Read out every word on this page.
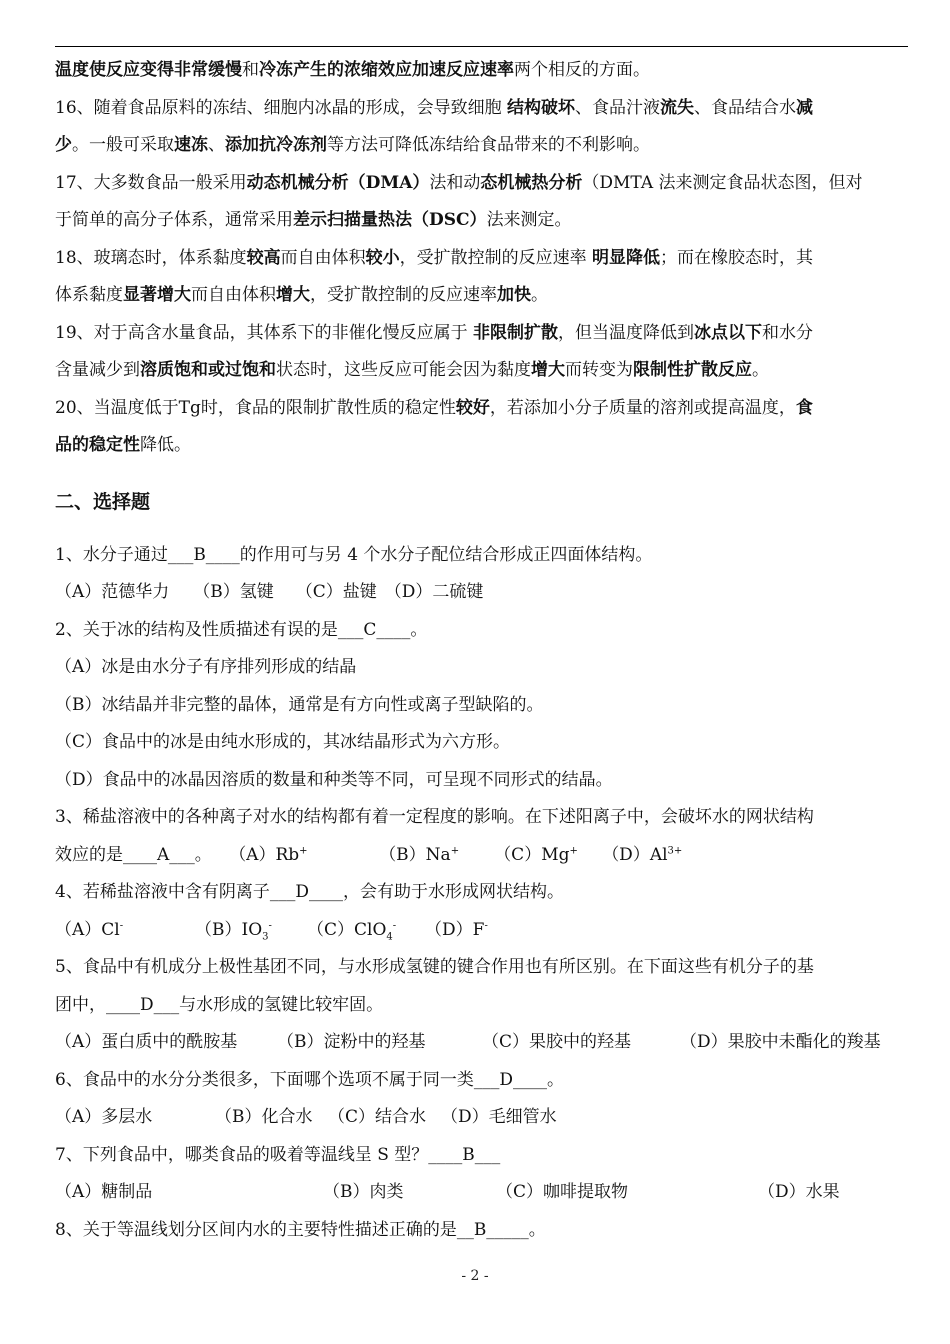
温度使反应变得非常缓慢和冷冻产生的浓缩效应加速反应速率两个相反的方面。
16、随着食品原料的冻结、细胞内冰晶的形成，会导致细胞 结构破坏、食品汁液流失、食品结合水减
少。一般可采取速冻、添加抗冷冻剂等方法可降低冻结给食品带来的不利影响。
17、大多数食品一般采用动态机械分析（DMA）法和动态机械热分析（DMTA 法来测定食品状态图，但对
于简单的高分子体系，通常采用差示扫描量热法（DSC）法来测定。
18、玻璃态时，体系黏度较高而自由体积较小，受扩散控制的反应速率 明显降低；而在橡胶态时，其
体系黏度显著增大而自由体积增大，受扩散控制的反应速率加快。
19、对于高含水量食品，其体系下的非催化慢反应属于 非限制扩散，但当温度降低到冰点以下和水分
含量减少到溶质饱和或过饱和状态时，这些反应可能会因为黏度增大而转变为限制性扩散反应。
20、当温度低于Tg时，食品的限制扩散性质的稳定性较好，若添加小分子质量的溶剂或提高温度，食
品的稳定性降低。
二、选择题
1、水分子通过___B____的作用可与另 4 个水分子配位结合形成正四面体结构。
（A）范德华力 （B）氢键 （C）盐键 （D）二硫键
2、关于冰的结构及性质描述有误的是___C____。
（A）冰是由水分子有序排列形成的结晶
（B）冰结晶并非完整的晶体，通常是有方向性或离子型缺陷的。
（C）食品中的冰是由纯水形成的，其冰结晶形式为六方形。
（D）食品中的冰晶因溶质的数量和种类等不同，可呈现不同形式的结晶。
3、稀盐溶液中的各种离子对水的结构都有着一定程度的影响。在下述阳离子中，会破坏水的网状结构
效应的是____A___。 （A）Rb+	（B）Na+ （C）Mg+ $(D)Al^{3+}$
4、若稀盐溶液中含有阴离子___D____，会有助于水形成网状结构。
（A）Cl-	$(B)IO_3^-$ （C）ClO$_4$- （D）F-
5、食品中有机成分上极性基团不同，与水形成氢键的键合作用也有所区别。在下面这些有机分子的基
团中，____D___与水形成的氢键比较牢固。
（A）蛋白质中的酰胺基 （B）淀粉中的羟基	（C）果胶中的羟基	（D）果胶中未酯化的羧基
6、食品中的水分分类很多，下面哪个选项不属于同一类___D____。
（A）多层水	（B）化合水 （C）结合水 （D）毛细管水
7、下列食品中，哪类食品的吸着等温线呈 S 型？____B___
（A）糖制品	（B）肉类	（C）咖啡提取物	（D）水果
8、关于等温线划分区间内水的主要特性描述正确的是__B_____。
- 2 -
